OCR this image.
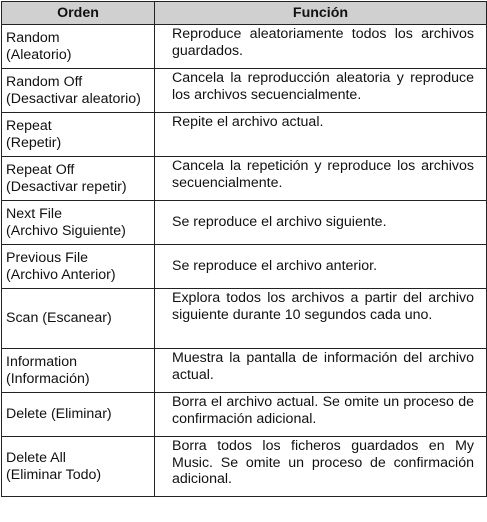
Orden	Función

Random
(Aleatorio)	Reproduce aleatoriamente todos los archivos guardados.

Random Off
(Desactivar aleatorio)	Cancela la reproducción aleatoria y reproduce los archivos secuencialmente.

Repeat
(Repetir)	Repite el archivo actual.

Repeat Off
(Desactivar repetir)	Cancela la repetición y reproduce los archivos secuencialmente.

Next File
(Archivo Siguiente)	Se reproduce el archivo siguiente.

Previous File
(Archivo Anterior)	Se reproduce el archivo anterior.

Scan (Escanear)	Explora todos los archivos a partir del archivo siguiente durante 10 segundos cada uno.

Information
(Información)	Muestra la pantalla de información del archivo actual.

Delete (Eliminar)	Borra el archivo actual. Se omite un proceso de confirmación adicional.

Delete All
(Eliminar Todo)	Borra todos los ficheros guardados en My Music. Se omite un proceso de confirmación adicional.
